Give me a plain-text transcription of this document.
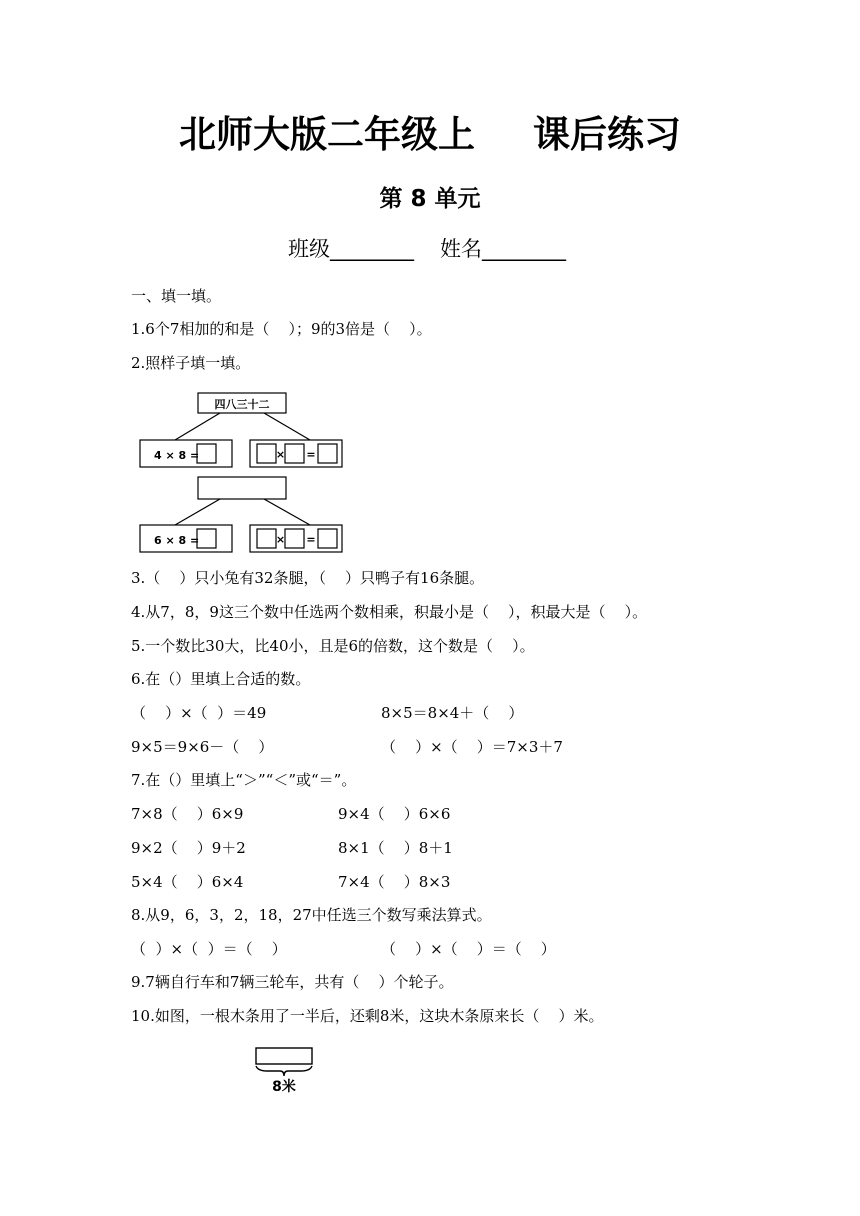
北师大版二年级上 课后练习
第 8 单元
班级________ 姓名________
一、填一填。
1.6个7相加的和是（    ）；9的3倍是（    ）。
2.照样子填一填。
四八三十二
4 × 8 =	× =
6 × 8 =	× =
3.（    ）只小兔有32条腿，（    ）只鸭子有16条腿。
4.从7，8，9这三个数中任选两个数相乘，积最小是（    ），积最大是（    ）。
5.一个数比30大，比40小，且是6的倍数，这个数是（    ）。
6.在（）里填上合适的数。
（    ）×（  ）＝49	8×5＝8×4＋（    ）
9×5＝9×6－（    ）	（    ）×（    ）＝7×3＋7
7.在（）里填上“＞”“＜”或“＝”。
7×8（    ）6×9	9×4（    ）6×6
9×2（    ）9＋2	8×1（    ）8＋1
5×4（    ）6×4	7×4（    ）8×3
8.从9，6，3，2，18，27中任选三个数写乘法算式。
（  ）×（  ）＝（    ）	（    ）×（    ）＝（    ）
9.7辆自行车和7辆三轮车，共有（    ）个轮子。
10.如图，一根木条用了一半后，还剩8米，这块木条原来长（    ）米。
8米
